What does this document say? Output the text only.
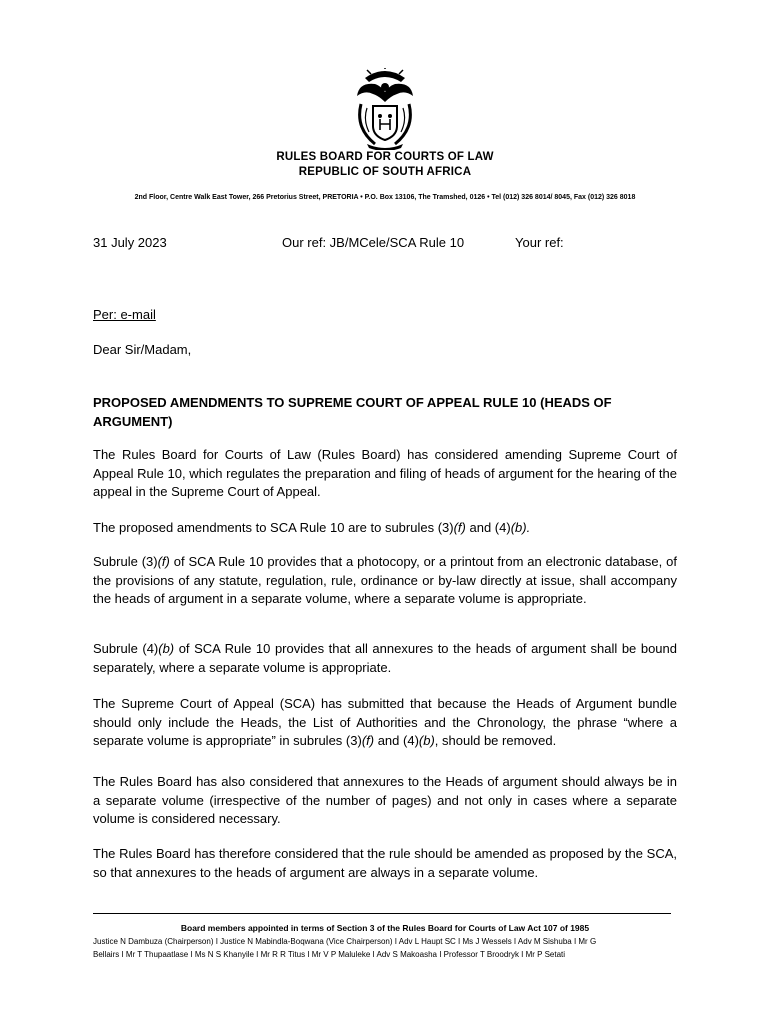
RULES BOARD FOR COURTS OF LAW
REPUBLIC OF SOUTH AFRICA
2nd Floor, Centre Walk East Tower, 266 Pretorius Street, PRETORIA • P.O. Box 13106, The Tramshed, 0126 • Tel (012) 326 8014/ 8045, Fax (012) 326 8018
31 July 2023	Our ref: JB/MCele/SCA Rule 10	Your ref:
Per: e-mail
Dear Sir/Madam,
PROPOSED AMENDMENTS TO SUPREME COURT OF APPEAL RULE 10 (HEADS OF ARGUMENT)
The Rules Board for Courts of Law (Rules Board) has considered amending Supreme Court of Appeal Rule 10, which regulates the preparation and filing of heads of argument for the hearing of the appeal in the Supreme Court of Appeal.
The proposed amendments to SCA Rule 10 are to subrules (3)(f) and (4)(b).
Subrule (3)(f) of SCA Rule 10 provides that a photocopy, or a printout from an electronic database, of the provisions of any statute, regulation, rule, ordinance or by-law directly at issue, shall accompany the heads of argument in a separate volume, where a separate volume is appropriate.
Subrule (4)(b) of SCA Rule 10 provides that all annexures to the heads of argument shall be bound separately, where a separate volume is appropriate.
The Supreme Court of Appeal (SCA) has submitted that because the Heads of Argument bundle should only include the Heads, the List of Authorities and the Chronology, the phrase “where a separate volume is appropriate” in subrules (3)(f) and (4)(b), should be removed.
The Rules Board has also considered that annexures to the Heads of argument should always be in a separate volume (irrespective of the number of pages) and not only in cases where a separate volume is considered necessary.
The Rules Board has therefore considered that the rule should be amended as proposed by the SCA, so that annexures to the heads of argument are always in a separate volume.
Board members appointed in terms of Section 3 of the Rules Board for Courts of Law Act 107 of 1985
Justice N Dambuza (Chairperson) I Justice N Mabindla-Boqwana (Vice Chairperson) I Adv L Haupt SC I Ms J Wessels I Adv M Sishuba I Mr G
Bellairs I Mr T Thupaatlase I Ms N S Khanyile I Mr R R Titus I Mr V P Maluleke I Adv S Makoasha I Professor T Broodryk I Mr P Setati
